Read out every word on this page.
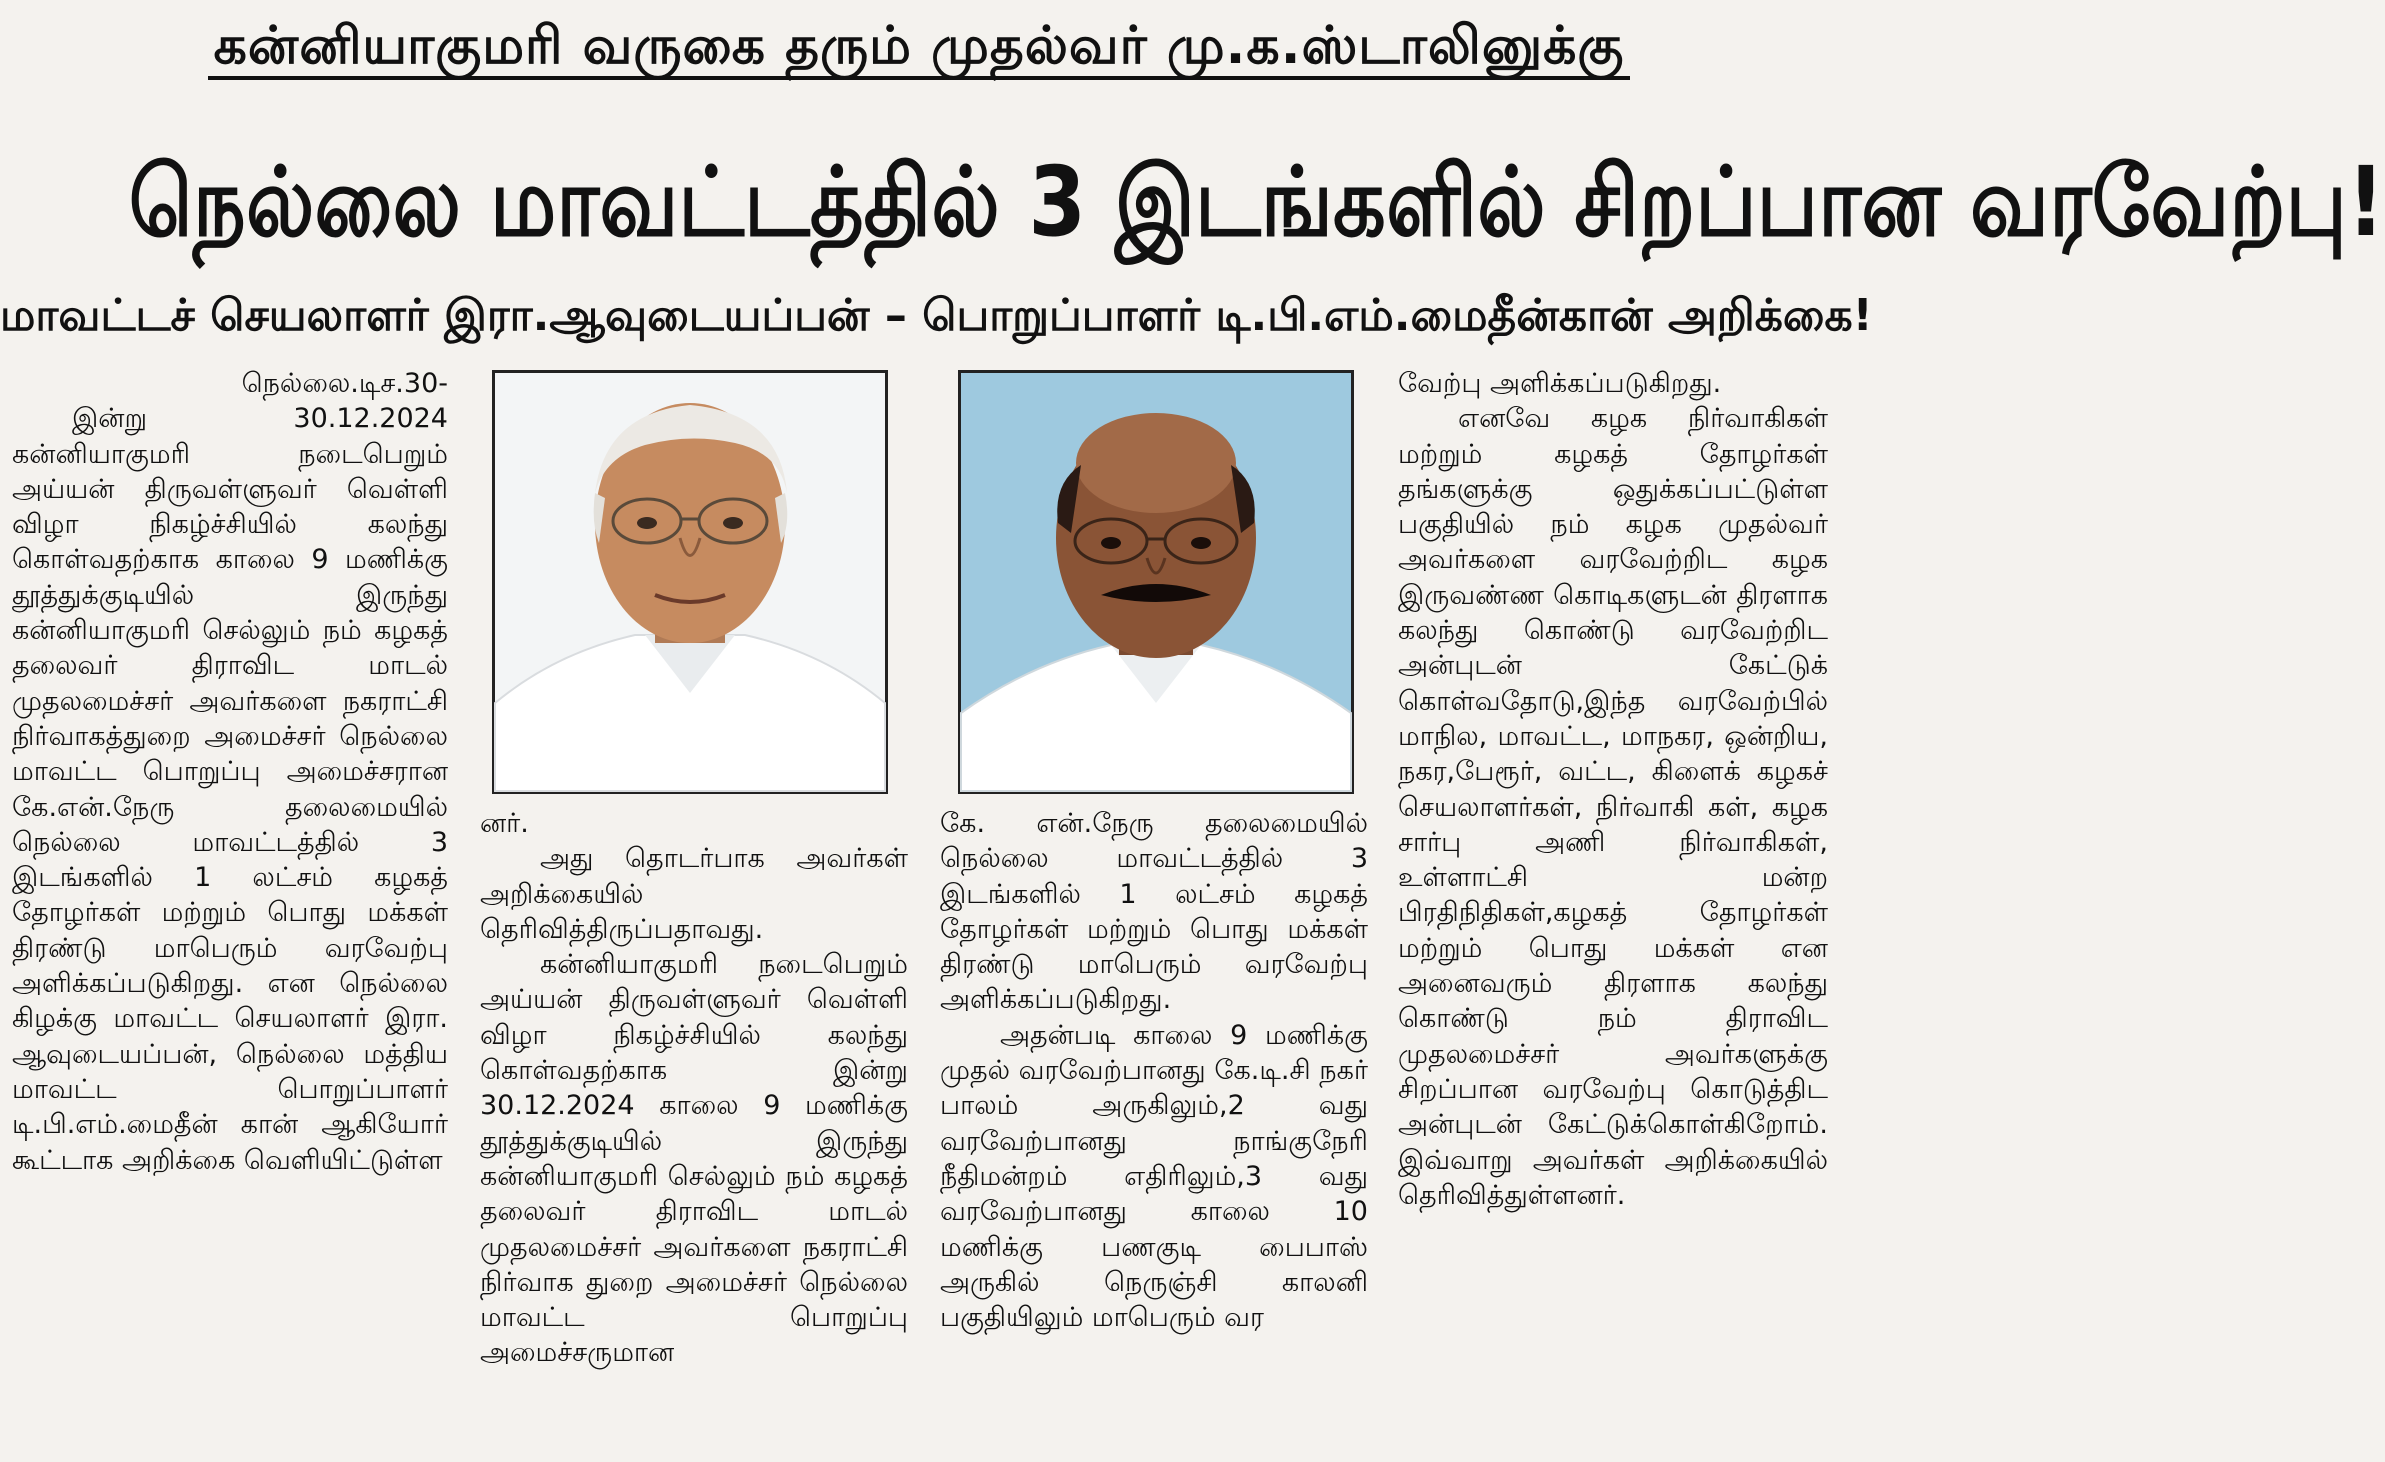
கன்னியாகுமரி வருகை தரும் முதல்வர் மு.க.ஸ்டாலினுக்கு
நெல்லை மாவட்டத்தில் 3 இடங்களில் சிறப்பான வரவேற்பு!
மாவட்டச் செயலாளர் இரா.ஆவுடையப்பன் – பொறுப்பாளர் டி.பி.எம்.மைதீன்கான் அறிக்கை!

நெல்லை.டிச.30-

இன்று 30.12.2024 கன்னியாகுமரி நடைபெறும் அய்யன் திருவள்ளுவர் வெள்ளி விழா நிகழ்ச்சியில் கலந்து கொள்வதற்காக காலை 9 மணிக்கு தூத்துக்குடியில் இருந்து கன்னியாகுமரி செல்லும் நம் கழகத் தலைவர் திராவிட மாடல் முதலமைச்சர் அவர்களை நகராட்சி நிர்வாகத்துறை அமைச்சர் நெல்லை மாவட்ட பொறுப்பு அமைச்சரான கே.என்.நேரு தலைமையில் நெல்லை மாவட்டத்தில் 3 இடங்களில் 1 லட்சம் கழகத் தோழர்கள் மற்றும் பொது மக்கள் திரண்டு மாபெரும் வரவேற்பு அளிக்கப்படுகிறது. என நெல்லை கிழக்கு மாவட்ட செயலாளர் இரா. ஆவுடையப்பன், நெல்லை மத்திய மாவட்ட பொறுப்பாளர் டி.பி.எம்.மைதீன் கான் ஆகியோர் கூட்டாக அறிக்கை வெளியிட்டுள்ள

னர்.

அது தொடர்பாக அவர்கள் அறிக்கையில் தெரிவித்திருப்பதாவது.

கன்னியாகுமரி நடைபெறும் அய்யன் திருவள்ளுவர் வெள்ளி விழா நிகழ்ச்சியில் கலந்து கொள்வதற்காக இன்று 30.12.2024 காலை 9 மணிக்கு தூத்துக்குடியில் இருந்து கன்னியாகுமரி செல்லும் நம் கழகத் தலைவர் திராவிட மாடல் முதலமைச்சர் அவர்களை நகராட்சி நிர்வாக துறை அமைச்சர் நெல்லை மாவட்ட பொறுப்பு அமைச்சருமான

கே. என்.நேரு தலைமையில் நெல்லை மாவட்டத்தில் 3 இடங்களில் 1 லட்சம் கழகத் தோழர்கள் மற்றும் பொது மக்கள் திரண்டு மாபெரும் வரவேற்பு அளிக்கப்படுகிறது.

அதன்படி காலை 9 மணிக்கு முதல் வரவேற்பானது கே.டி.சி நகர் பாலம் அருகிலும்,2 வது வரவேற்பானது நாங்குநேரி நீதிமன்றம் எதிரிலும்,3 வது வரவேற்பானது காலை 10 மணிக்கு பணகுடி பைபாஸ் அருகில் நெருஞ்சி காலனி பகுதியிலும் மாபெரும் வர

வேற்பு அளிக்கப்படுகிறது.

எனவே கழக நிர்வாகிகள் மற்றும் கழகத் தோழர்கள் தங்களுக்கு ஒதுக்கப்பட்டுள்ள பகுதியில் நம் கழக முதல்வர் அவர்களை வரவேற்றிட கழக இருவண்ண கொடிகளுடன் திரளாக கலந்து கொண்டு வரவேற்றிட அன்புடன் கேட்டுக் கொள்வதோடு,இந்த வரவேற்பில் மாநில, மாவட்ட, மாநகர, ஒன்றிய, நகர,பேரூர், வட்ட, கிளைக் கழகச் செயலாளர்கள், நிர்வாகி கள், கழக சார்பு அணி நிர்வாகிகள், உள்ளாட்சி மன்ற பிரதிநிதிகள்,கழகத் தோழர்கள் மற்றும் பொது மக்கள் என அனைவரும் திரளாக கலந்து கொண்டு நம் திராவிட முதலமைச்சர் அவர்களுக்கு சிறப்பான வரவேற்பு கொடுத்திட அன்புடன் கேட்டுக்கொள்கிறோம். இவ்வாறு அவர்கள் அறிக்கையில் தெரிவித்துள்ளனர்.
